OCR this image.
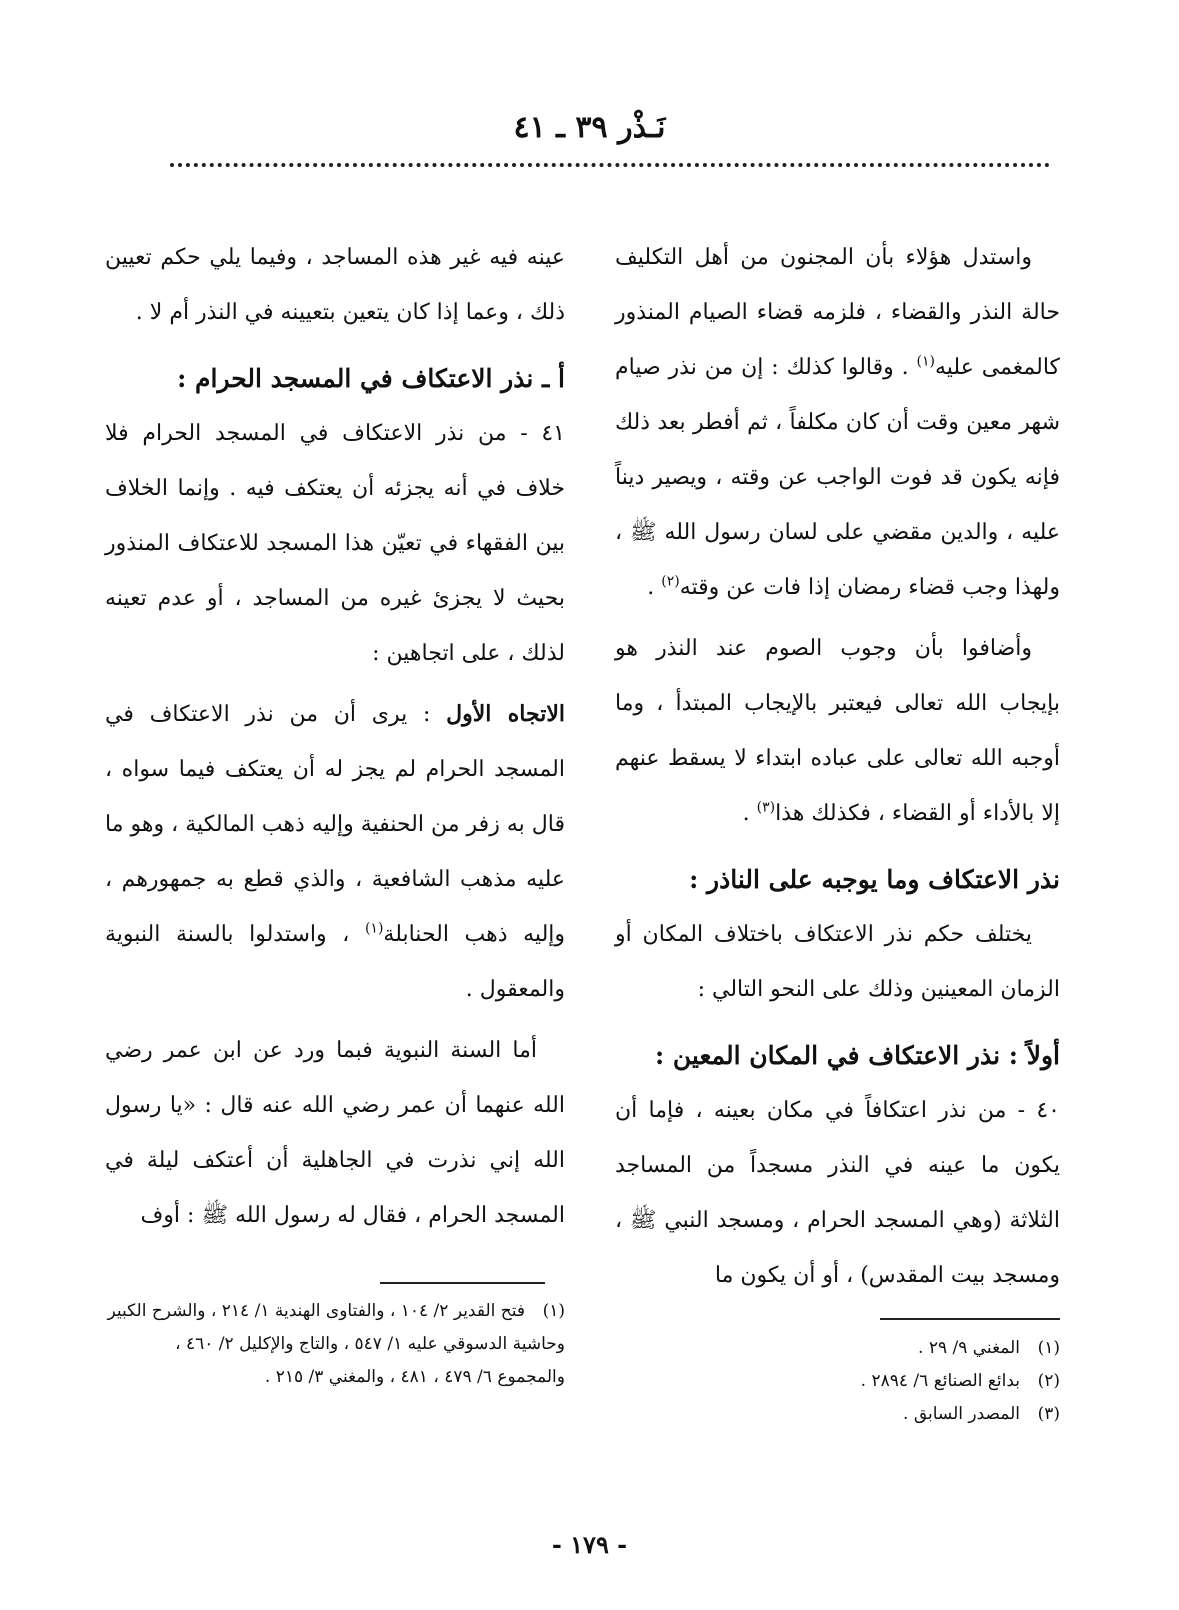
نَـذْر ٣٩ ـ ٤١

واستدل هؤلاء بأن المجنون من أهل التكليف حالة النذر والقضاء ، فلزمه قضاء الصيام المنذور كالمغمى عليه$^{(١)}$ . وقالوا كذلك : إن من نذر صيام شهر معين وقت أن كان مكلفاً ، ثم أفطر بعد ذلك فإنه يكون قد فوت الواجب عن وقته ، ويصير ديناً عليه ، والدين مقضي على لسان رسول الله ﷺ ، ولهذا وجب قضاء رمضان إذا فات عن وقته$^{(٢)}$ .

وأضافوا بأن وجوب الصوم عند النذر هو بإيجاب الله تعالى فيعتبر بالإيجاب المبتدأ ، وما أوجبه الله تعالى على عباده ابتداء لا يسقط عنهم إلا بالأداء أو القضاء ، فكذلك هذا$^{(٣)}$ .

نذر الاعتكاف وما يوجبه على الناذر :

يختلف حكم نذر الاعتكاف باختلاف المكان أو الزمان المعينين وذلك على النحو التالي :

أولاً : نذر الاعتكاف في المكان المعين :

٤٠ - من نذر اعتكافاً في مكان بعينه ، فإما أن يكون ما عينه في النذر مسجداً من المساجد الثلاثة (وهي المسجد الحرام ، ومسجد النبي ﷺ ، ومسجد بيت المقدس) ، أو أن يكون ما

عينه فيه غير هذه المساجد ، وفيما يلي حكم تعيين ذلك ، وعما إذا كان يتعين بتعيينه في النذر أم لا .

أ ـ نذر الاعتكاف في المسجد الحرام :

٤١ - من نذر الاعتكاف في المسجد الحرام فلا خلاف في أنه يجزئه أن يعتكف فيه . وإنما الخلاف بين الفقهاء في تعيّن هذا المسجد للاعتكاف المنذور بحيث لا يجزئ غيره من المساجد ، أو عدم تعينه لذلك ، على اتجاهين :

الاتجاه الأول : يرى أن من نذر الاعتكاف في المسجد الحرام لم يجز له أن يعتكف فيما سواه ، قال به زفر من الحنفية وإليه ذهب المالكية ، وهو ما عليه مذهب الشافعية ، والذي قطع به جمهورهم ، وإليه ذهب الحنابلة$^{(١)}$ ، واستدلوا بالسنة النبوية والمعقول .

أما السنة النبوية فبما ورد عن ابن عمر رضي الله عنهما أن عمر رضي الله عنه قال : «يا رسول الله إني نذرت في الجاهلية أن أعتكف ليلة في المسجد الحرام ، فقال له رسول الله ﷺ : أوف

(١)فتح القدير ٢/ ١٠٤ ، والفتاوى الهندية ١/ ٢١٤ ، والشرح الكبير وحاشية الدسوقي عليه ١/ ٥٤٧ ، والتاج والإكليل ٢/ ٤٦٠ ، والمجموع ٦/ ٤٧٩ ، ٤٨١ ، والمغني ٣/ ٢١٥ .
(١)المغني ٩/ ٢٩ .
(٢)بدائع الصنائع ٦/ ٢٨٩٤ .
(٣)المصدر السابق .
- ١٧٩ -
